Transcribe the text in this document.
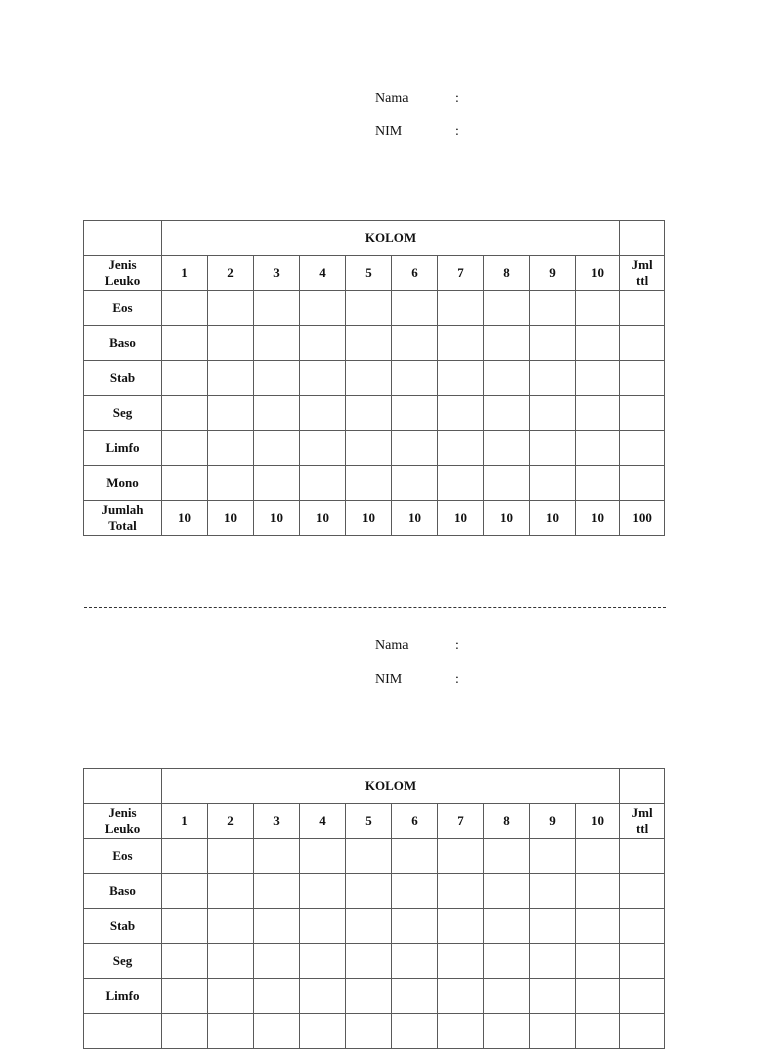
Nama	:
NIM	:
	KOLOM										
Jenis Leuko	1	2	3	4	5	6	7	8	9	10	Jml ttl
Eos											
Baso											
Stab											
Seg											
Limfo											
Mono											
Jumlah Total	10	10	10	10	10	10	10	10	10	10	100
Nama	:
NIM	:
	KOLOM										
Jenis Leuko	1	2	3	4	5	6	7	8	9	10	Jml ttl
Eos											
Baso											
Stab											
Seg											
Limfo											
